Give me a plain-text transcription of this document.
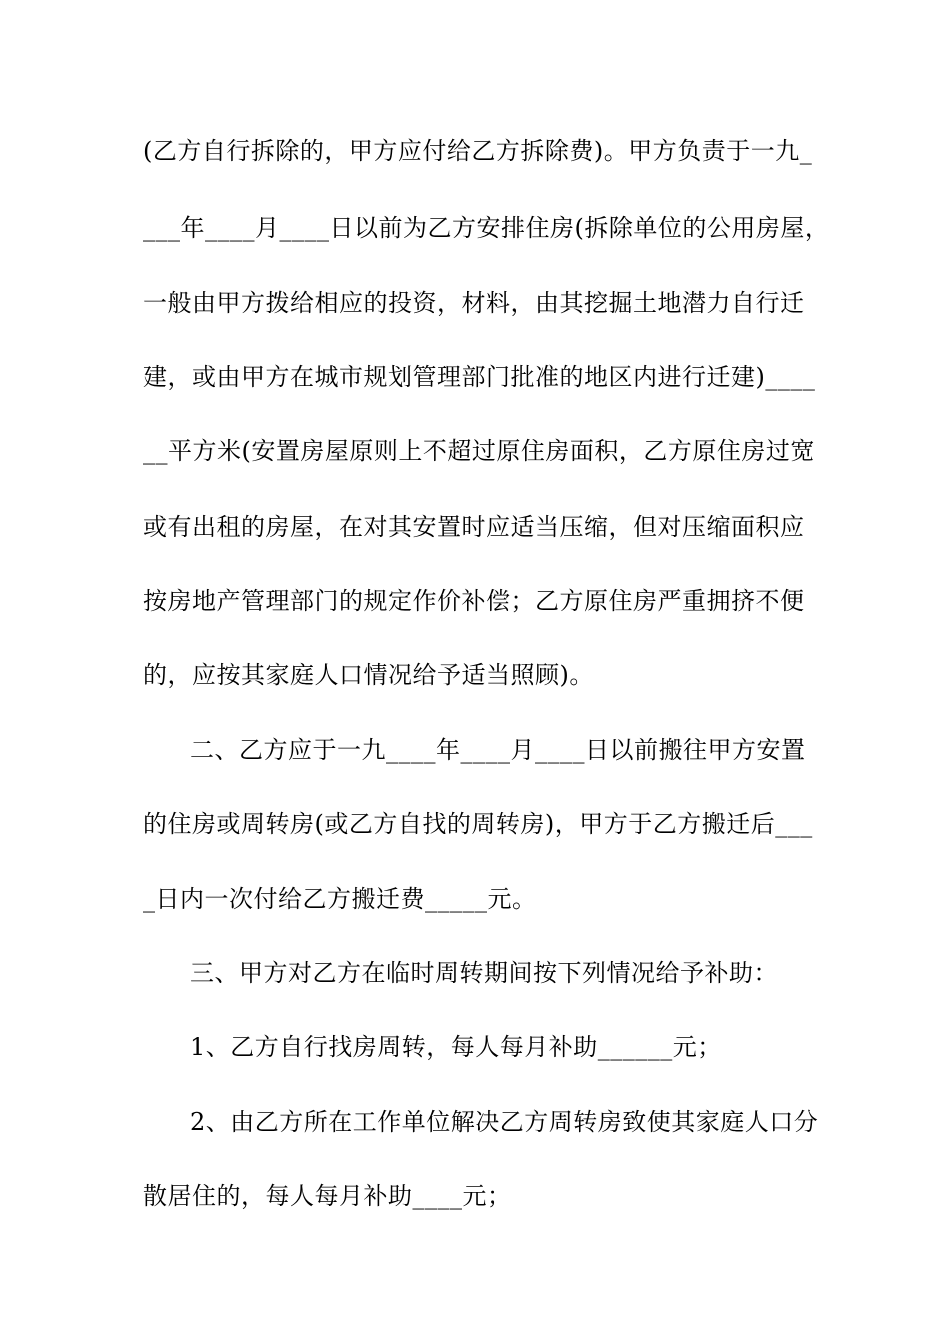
(乙方自行拆除的，甲方应付给乙方拆除费)。甲方负责于一九_
___年____月____日以前为乙方安排住房(拆除单位的公用房屋，
一般由甲方拨给相应的投资，材料，由其挖掘土地潜力自行迁
建，或由甲方在城市规划管理部门批准的地区内进行迁建)____
__平方米(安置房屋原则上不超过原住房面积，乙方原住房过宽
或有出租的房屋，在对其安置时应适当压缩，但对压缩面积应
按房地产管理部门的规定作价补偿；乙方原住房严重拥挤不便
的，应按其家庭人口情况给予适当照顾)。
二、乙方应于一九____年____月____日以前搬往甲方安置
的住房或周转房(或乙方自找的周转房)，甲方于乙方搬迁后___
_日内一次付给乙方搬迁费_____元。
三、甲方对乙方在临时周转期间按下列情况给予补助：
1、乙方自行找房周转，每人每月补助______元；
2、由乙方所在工作单位解决乙方周转房致使其家庭人口分
散居住的，每人每月补助____元；
